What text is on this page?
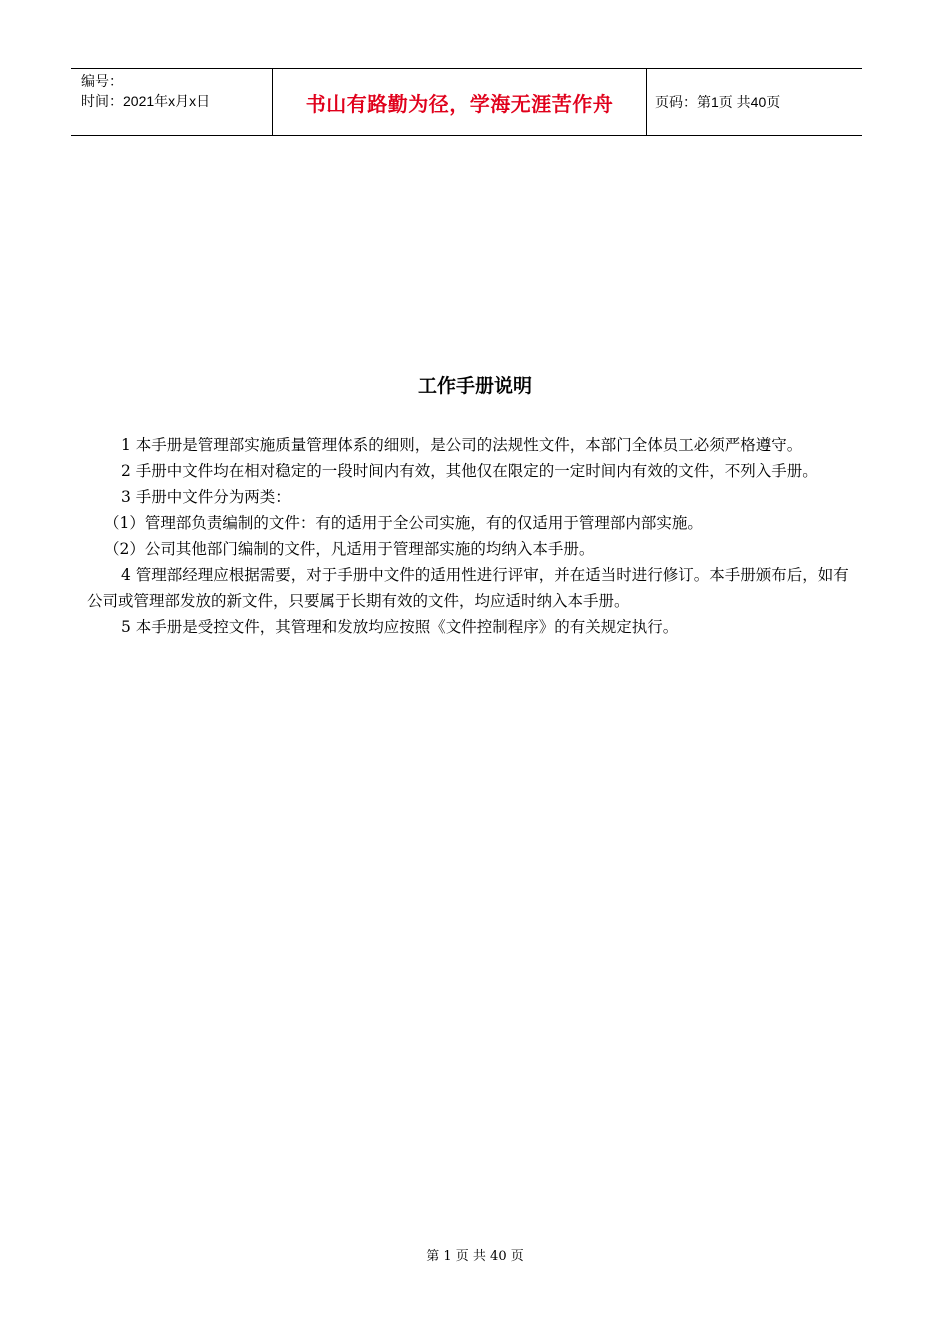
编号：
时间：2021年x月x日	书山有路勤为径，学海无涯苦作舟	页码：第1页 共40页
工作手册说明

1 本手册是管理部实施质量管理体系的细则，是公司的法规性文件，本部门全体员工必须严格遵守。

2 手册中文件均在相对稳定的一段时间内有效，其他仅在限定的一定时间内有效的文件，不列入手册。

3 手册中文件分为两类：

（1）管理部负责编制的文件：有的适用于全公司实施，有的仅适用于管理部内部实施。

（2）公司其他部门编制的文件，凡适用于管理部实施的均纳入本手册。

4 管理部经理应根据需要，对于手册中文件的适用性进行评审，并在适当时进行修订。本手册颁布后，如有公司或管理部发放的新文件，只要属于长期有效的文件，均应适时纳入本手册。

5 本手册是受控文件，其管理和发放均应按照《文件控制程序》的有关规定执行。

第 1 页 共 40 页
